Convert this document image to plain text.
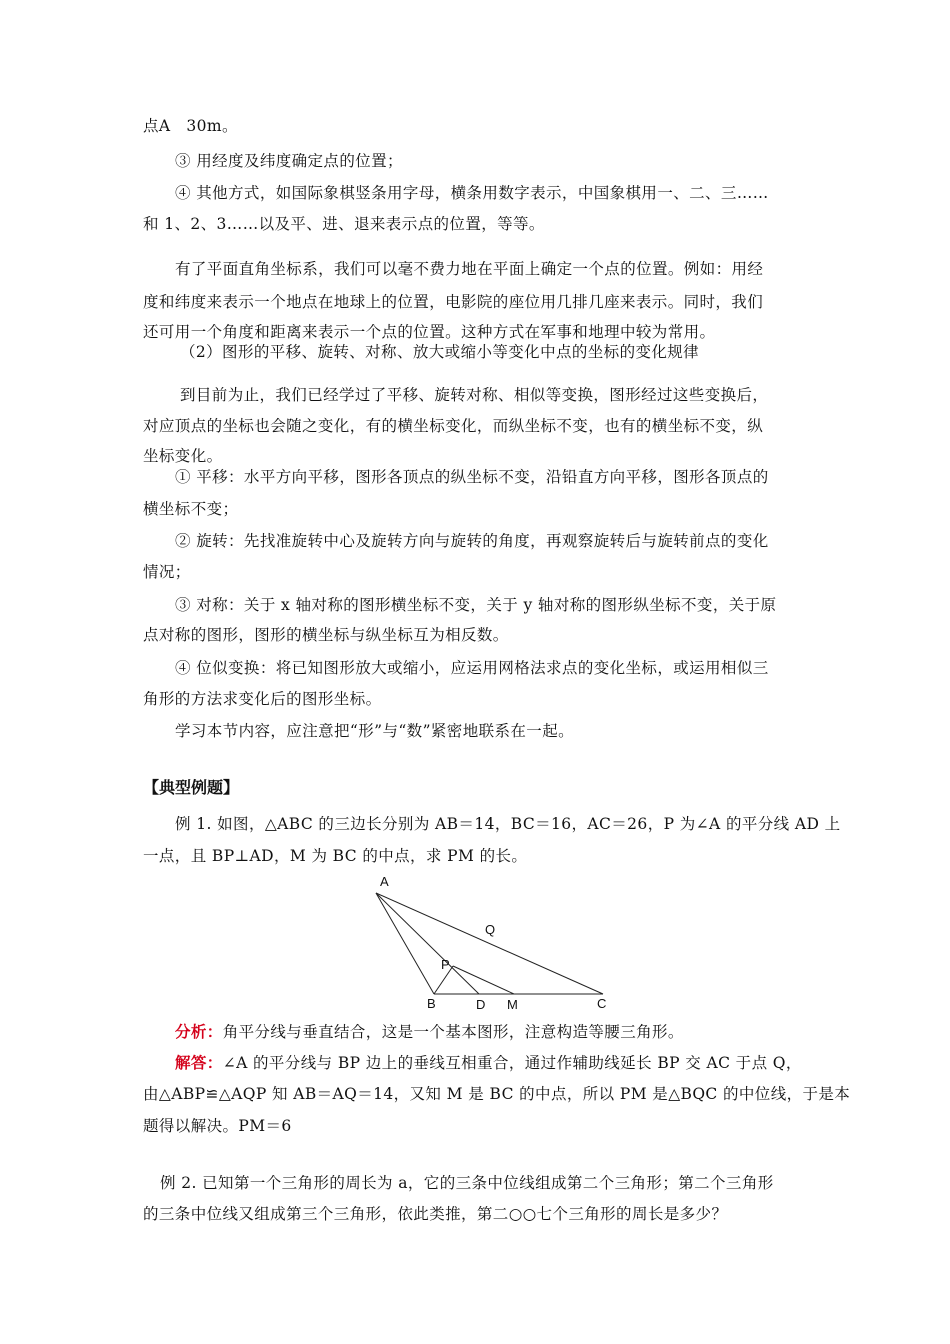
点A　30m。
③ 用经度及纬度确定点的位置；
④ 其他方式，如国际象棋竖条用字母，横条用数字表示，中国象棋用一、二、三……
和 1、2、3……以及平、进、退来表示点的位置，等等。
有了平面直角坐标系，我们可以毫不费力地在平面上确定一个点的位置。例如：用经
度和纬度来表示一个地点在地球上的位置，电影院的座位用几排几座来表示。同时，我们
还可用一个角度和距离来表示一个点的位置。这种方式在军事和地理中较为常用。
（2）图形的平移、旋转、对称、放大或缩小等变化中点的坐标的变化规律
到目前为止，我们已经学过了平移、旋转对称、相似等变换，图形经过这些变换后，
对应顶点的坐标也会随之变化，有的横坐标变化，而纵坐标不变，也有的横坐标不变，纵
坐标变化。
① 平移：水平方向平移，图形各顶点的纵坐标不变，沿铅直方向平移，图形各顶点的
横坐标不变；
② 旋转：先找准旋转中心及旋转方向与旋转的角度，再观察旋转后与旋转前点的变化
情况；
③ 对称：关于 x 轴对称的图形横坐标不变，关于 y 轴对称的图形纵坐标不变，关于原
点对称的图形，图形的横坐标与纵坐标互为相反数。
④ 位似变换：将已知图形放大或缩小，应运用网格法求点的变化坐标，或运用相似三
角形的方法求变化后的图形坐标。
学习本节内容，应注意把“形”与“数”紧密地联系在一起。
【典型例题】
例 1. 如图，△ABC 的三边长分别为 AB＝14，BC＝16，AC＝26，P 为∠A 的平分线 AD 上
一点，且 BP⊥AD，M 为 BC 的中点，求 PM 的长。
A
Q
P
B	D M	C
分析：角平分线与垂直结合，这是一个基本图形，注意构造等腰三角形。
解答：∠A 的平分线与 BP 边上的垂线互相重合，通过作辅助线延长 BP 交 AC 于点 Q，
由△ABP≌△AQP 知 AB＝AQ＝14，又知 M 是 BC 的中点，所以 PM 是△BQC 的中位线，于是本
题得以解决。PM＝6
例 2. 已知第一个三角形的周长为 a，它的三条中位线组成第二个三角形；第二个三角形
的三条中位线又组成第三个三角形，依此类推，第二○○七个三角形的周长是多少？
